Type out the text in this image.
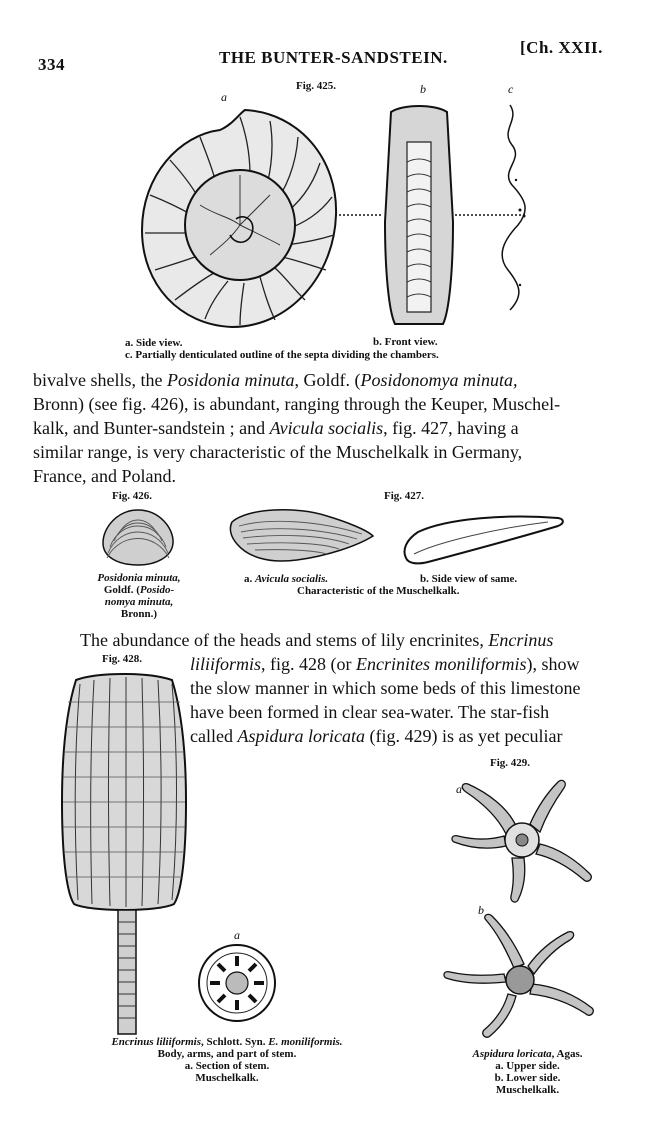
334	THE BUNTER-SANDSTEIN.
[Ch. XXII.
Fig. 425.
a
b	c
a. Side view.	b. Front view.
c. Partially denticulated outline of the septa dividing the chambers.
bivalve shells, the Posidonia minuta, Goldf. (Posidonomya minuta,
Bronn) (see fig. 426), is abundant, ranging through the Keuper, Muschel-
kalk, and Bunter-sandstein ; and Avicula socialis, fig. 427, having a
similar range, is very characteristic of the Muschelkalk in Germany,
France, and Poland.
Fig. 426.
Posidonia minuta,
Goldf. (Posido-
nomya minuta,
Bronn.)
Fig. 427.
a. Avicula socialis.	b. Side view of same.
Characteristic of the Muschelkalk.
The abundance of the heads and stems of lily encrinites, Encrinus
liliiformis, fig. 428 (or Encrinites moniliformis), show
the slow manner in which some beds of this limestone
have been formed in clear sea-water. The star-fish
called Aspidura loricata (fig. 429) is as yet peculiar
Fig. 428.
a
Encrinus liliiformis, Schlott. Syn. E. moniliformis.
Body, arms, and part of stem.
a. Section of stem.
Muschelkalk.
Fig. 429.
a
b
Aspidura loricata, Agas.
a. Upper side.
b. Lower side.
Muschelkalk.
